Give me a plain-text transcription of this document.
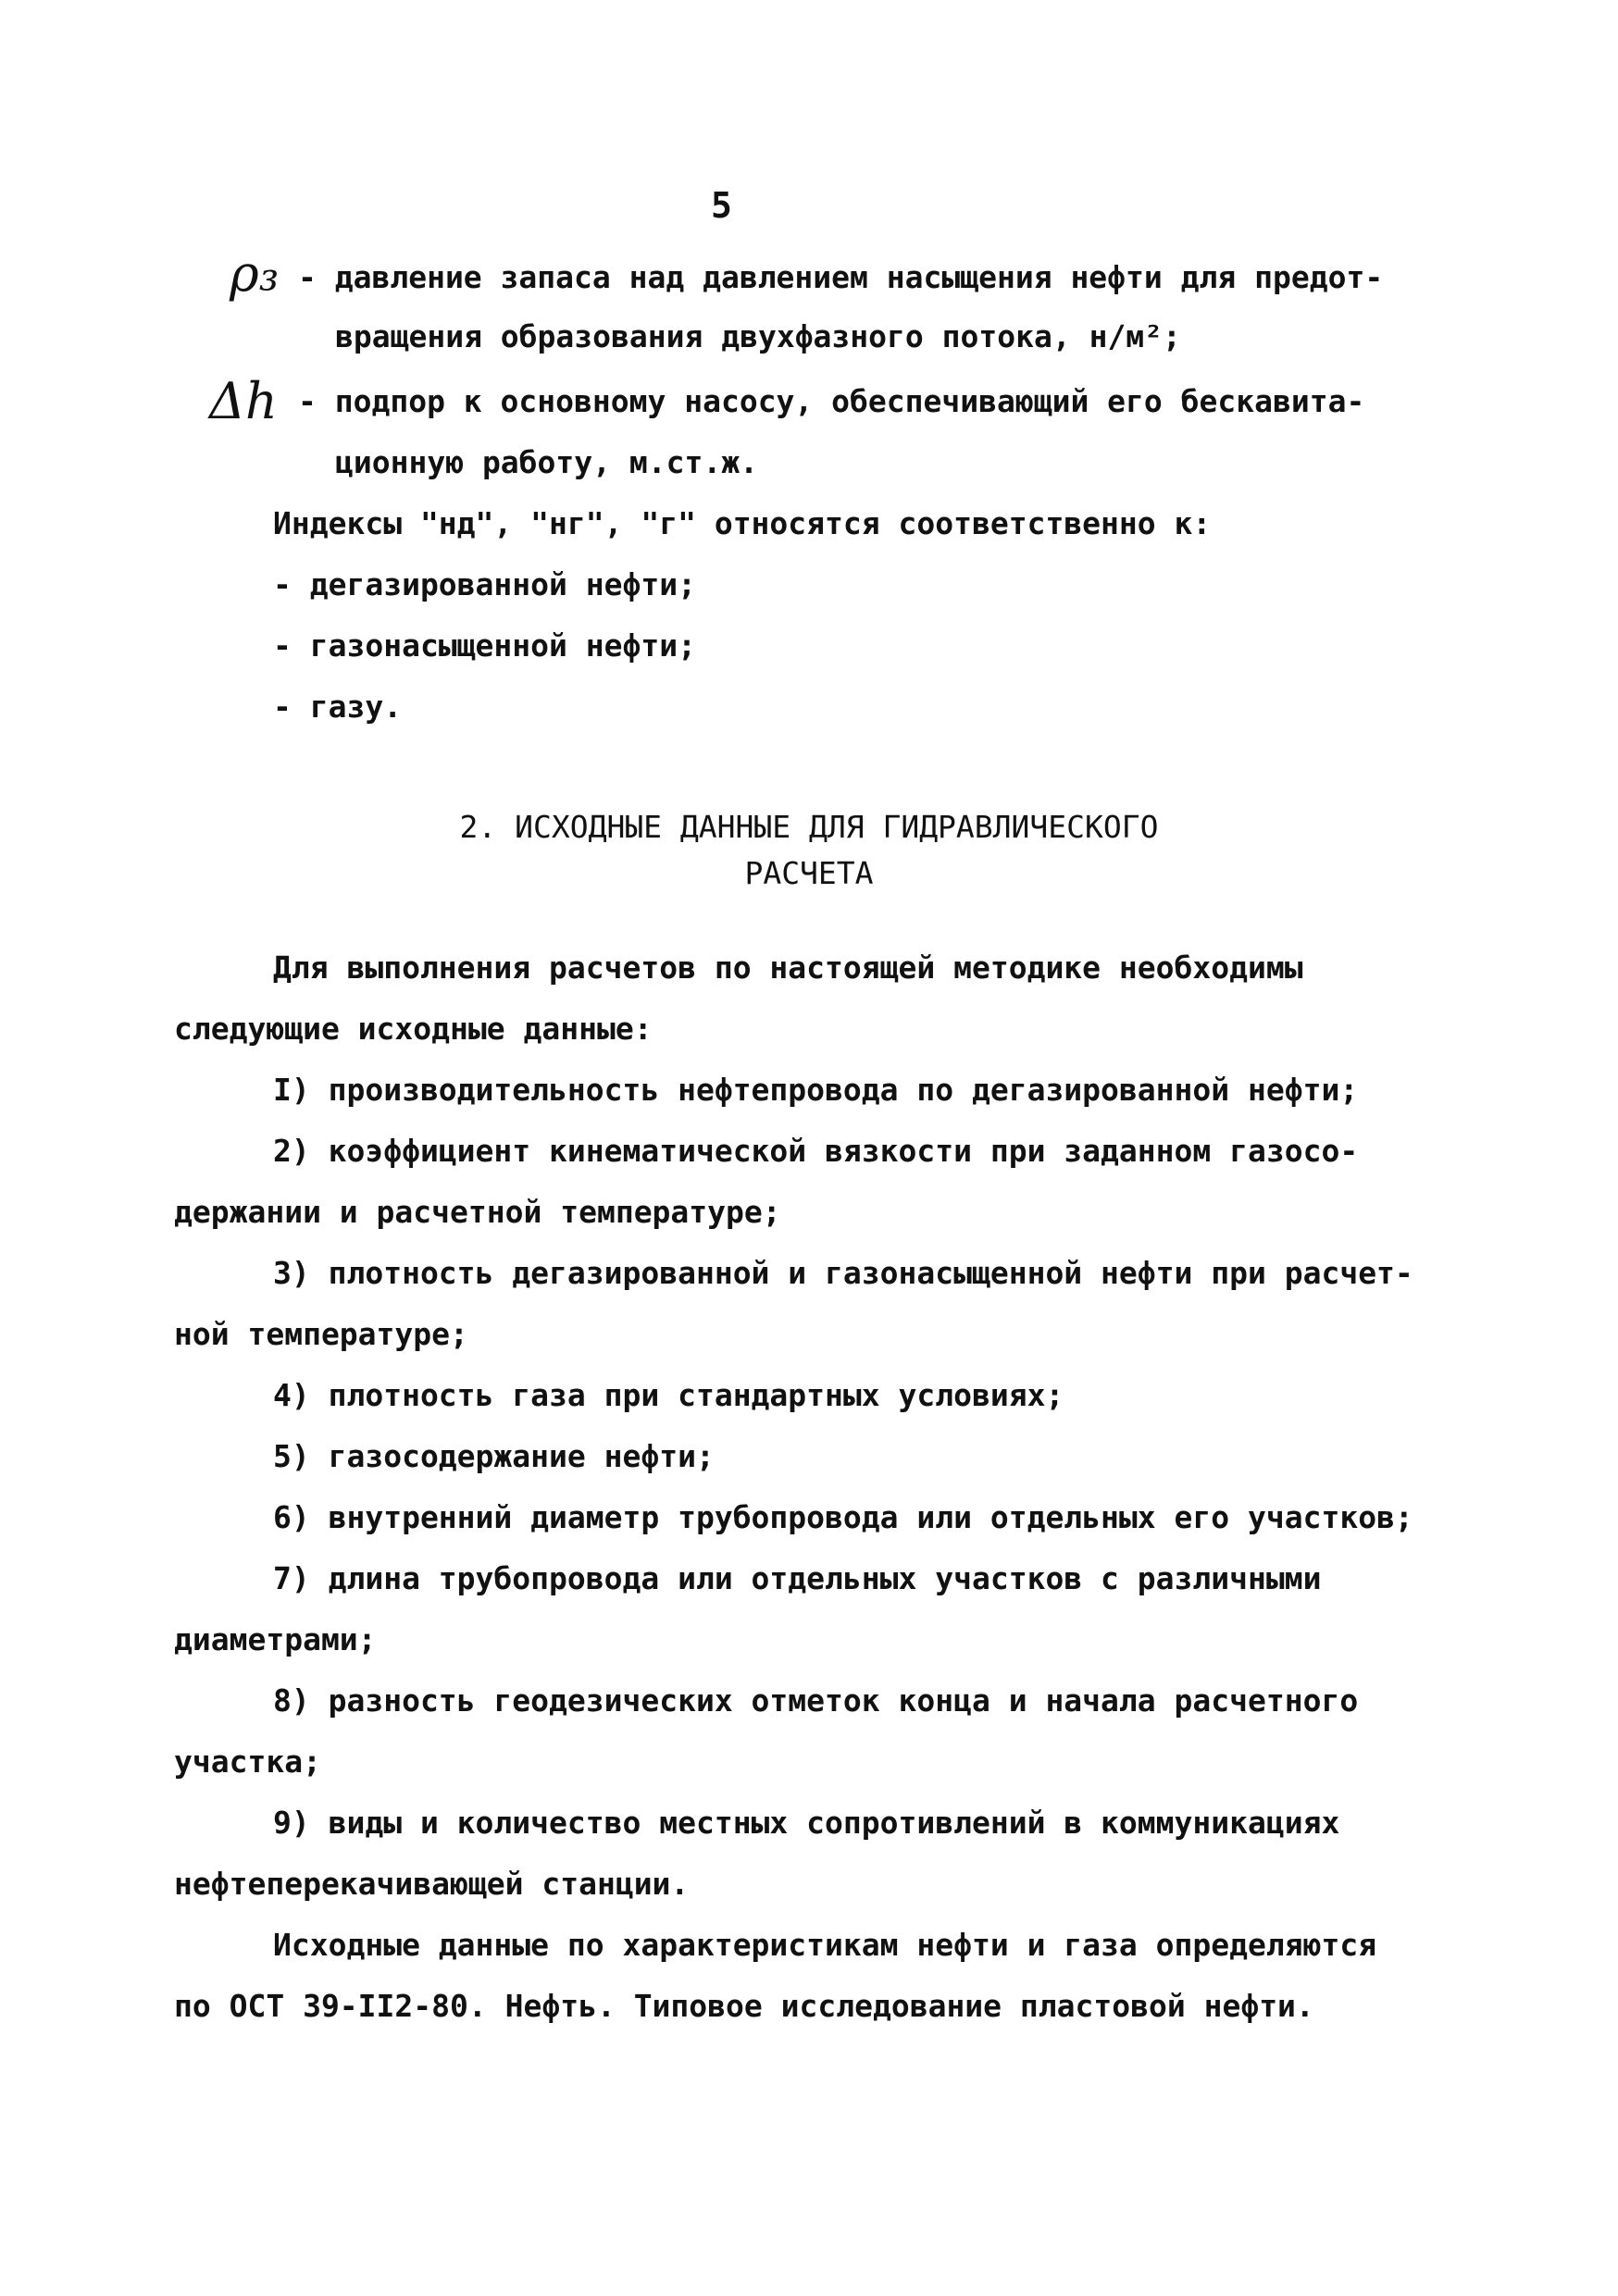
5
ρ₃ - давление запаса над давлением насыщения нефти для предот-
вращения образования двухфазного потока, н/м²;
Δh - подпор к основному насосу, обеспечивающий его бескавита-
ционную работу, м.ст.ж.
Индексы "нд", "нг", "г" относятся соответственно к:
- дегазированной нефти;
- газонасыщенной нефти;
- газу.
2. ИСХОДНЫЕ ДАННЫЕ ДЛЯ ГИДРАВЛИЧЕСКОГО
РАСЧЕТА
Для выполнения расчетов по настоящей методике необходимы
следующие исходные данные:
I) производительность нефтепровода по дегазированной нефти;
2) коэффициент кинематической вязкости при заданном газосо-
держании и расчетной температуре;
3) плотность дегазированной и газонасыщенной нефти при расчет-
ной температуре;
4) плотность газа при стандартных условиях;
5) газосодержание нефти;
6) внутренний диаметр трубопровода или отдельных его участков;
7) длина трубопровода или отдельных участков с различными
диаметрами;
8) разность геодезических отметок конца и начала расчетного
участка;
9) виды и количество местных сопротивлений в коммуникациях
нефтеперекачивающей станции.
Исходные данные по характеристикам нефти и газа определяются
по ОСТ 39-II2-80. Нефть. Типовое исследование пластовой нефти.
